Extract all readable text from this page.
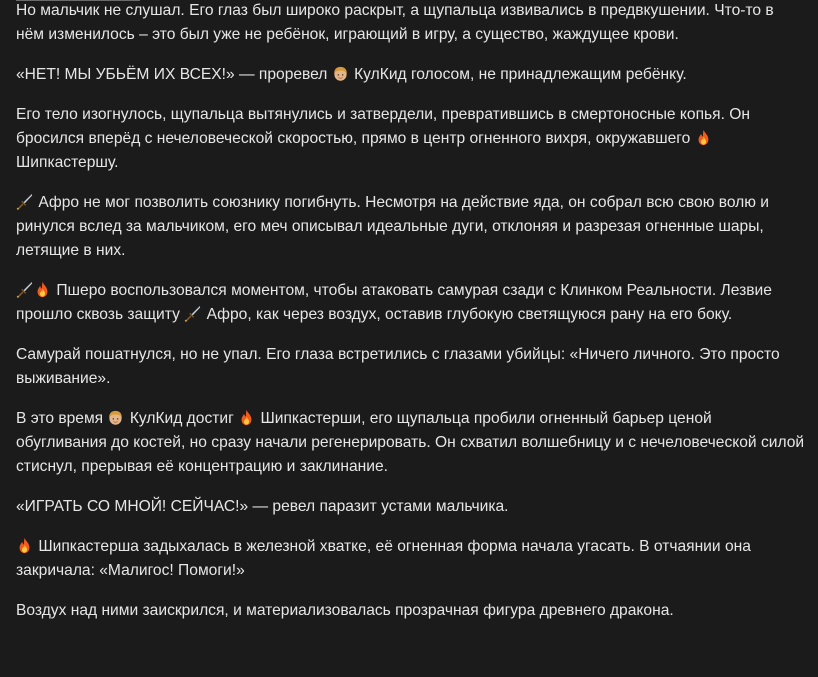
Но мальчик не слушал. Его глаз был широко раскрыт, а щупальца извивались в предвкушении. Что-то в нём изменилось – это был уже не ребёнок, играющий в игру, а существо, жаждущее крови.

«НЕТ! МЫ УБЬЁМ ИХ ВСЕХ!» — проревел КулКид голосом, не принадлежащим ребёнку.

Его тело изогнулось, щупальца вытянулись и затвердели, превратившись в смертоносные копья. Он бросился вперёд с нечеловеческой скоростью, прямо в центр огненного вихря, окружавшего  Шипкастершу.

Афро не мог позволить союзнику погибнуть. Несмотря на действие яда, он собрал всю свою волю и ринулся вслед за мальчиком, его меч описывал идеальные дуги, отклоняя и разрезая огненные шары, летящие в них.

Пшеро воспользовался моментом, чтобы атаковать самурая сзади с Клинком Реальности. Лезвие прошло сквозь защиту Афро, как через воздух, оставив глубокую светящуюся рану на его боку.

Самурай пошатнулся, но не упал. Его глаза встретились с глазами убийцы: «Ничего личного. Это просто выживание».

В это время КулКид достиг Шипкастерши, его щупальца пробили огненный барьер ценой обугливания до костей, но сразу начали регенерировать. Он схватил волшебницу и с нечеловеческой силой стиснул, прерывая её концентрацию и заклинание.

«ИГРАТЬ СО МНОЙ! СЕЙЧАС!» — ревел паразит устами мальчика.

Шипкастерша задыхалась в железной хватке, её огненная форма начала угасать. В отчаянии она закричала: «Малигос! Помоги!»

Воздух над ними заискрился, и материализовалась прозрачная фигура древнего дракона.
